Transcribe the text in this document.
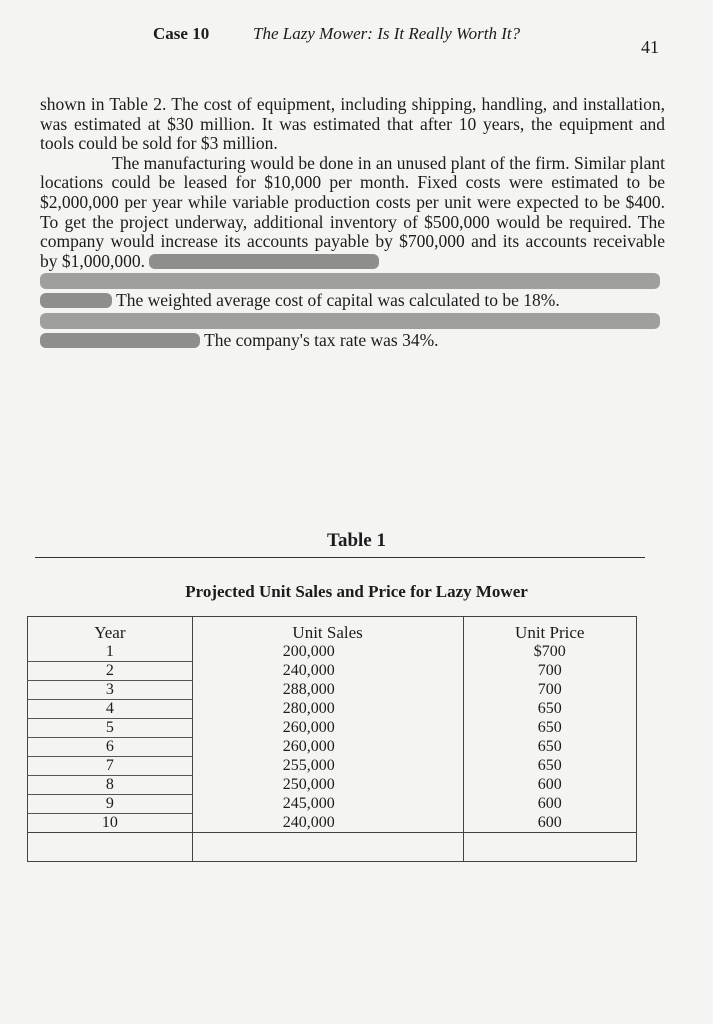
Case 10	The Lazy Mower: Is It Really Worth It?
41

shown in Table 2. The cost of equipment, including shipping, handling, and installation, was estimated at $30 million. It was estimated that after 10 years, the equipment and tools could be sold for $3 million.

The manufacturing would be done in an unused plant of the firm. Similar plant locations could be leased for $10,000 per month. Fixed costs were estimated to be $2,000,000 per year while variable production costs per unit were expected to be $400. To get the project underway, additional inventory of $500,000 would be required. The company would increase its accounts payable by $700,000 and its accounts receivable by $1,000,000.

The weighted average cost of capital was calculated to be 18%.

The company's tax rate was 34%.

Table 1
Projected Unit Sales and Price for Lazy Mower
Year	Unit Sales	Unit Price
1	200,000	$700
2	240,000	700
3	288,000	700
4	280,000	650
5	260,000	650
6	260,000	650
7	255,000	650
8	250,000	600
9	245,000	600
10	240,000	600
